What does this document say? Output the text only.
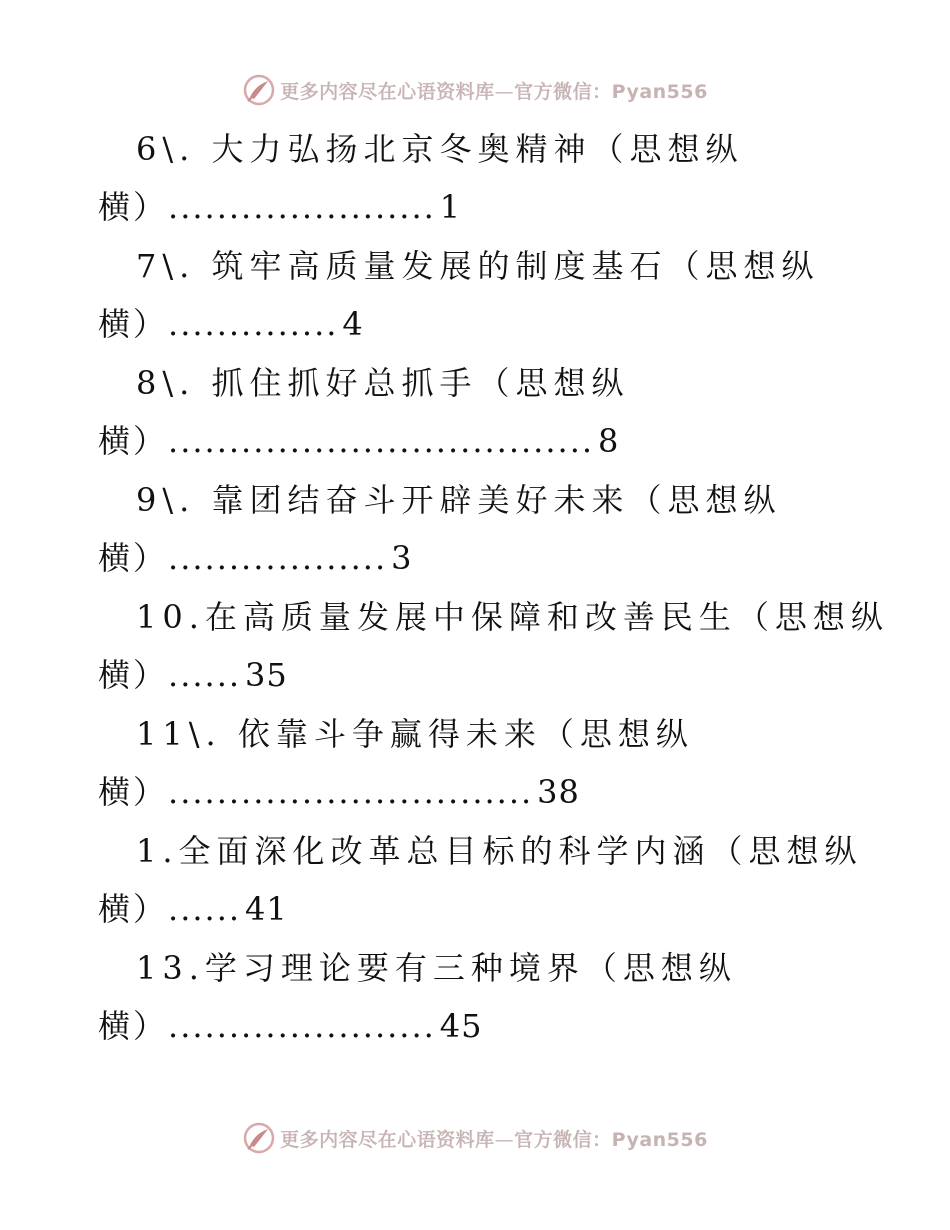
更多内容尽在心语资料库—官方微信：Pyan556
6\. 大力弘扬北京冬奥精神（思想纵
横）...................... 1
7\. 筑牢高质量发展的制度基石（思想纵
横）.............. 4
8\. 抓住抓好总抓手（思想纵
横）................................... 8
9\. 靠团结奋斗开辟美好未来（思想纵
横）.................. 3
10.在高质量发展中保障和改善民生（思想纵
横）...... 35
11\. 依靠斗争赢得未来（思想纵
横）.............................. 38
1.全面深化改革总目标的科学内涵（思想纵
横）...... 41
13.学习理论要有三种境界（思想纵
横）...................... 45
更多内容尽在心语资料库—官方微信：Pyan556
